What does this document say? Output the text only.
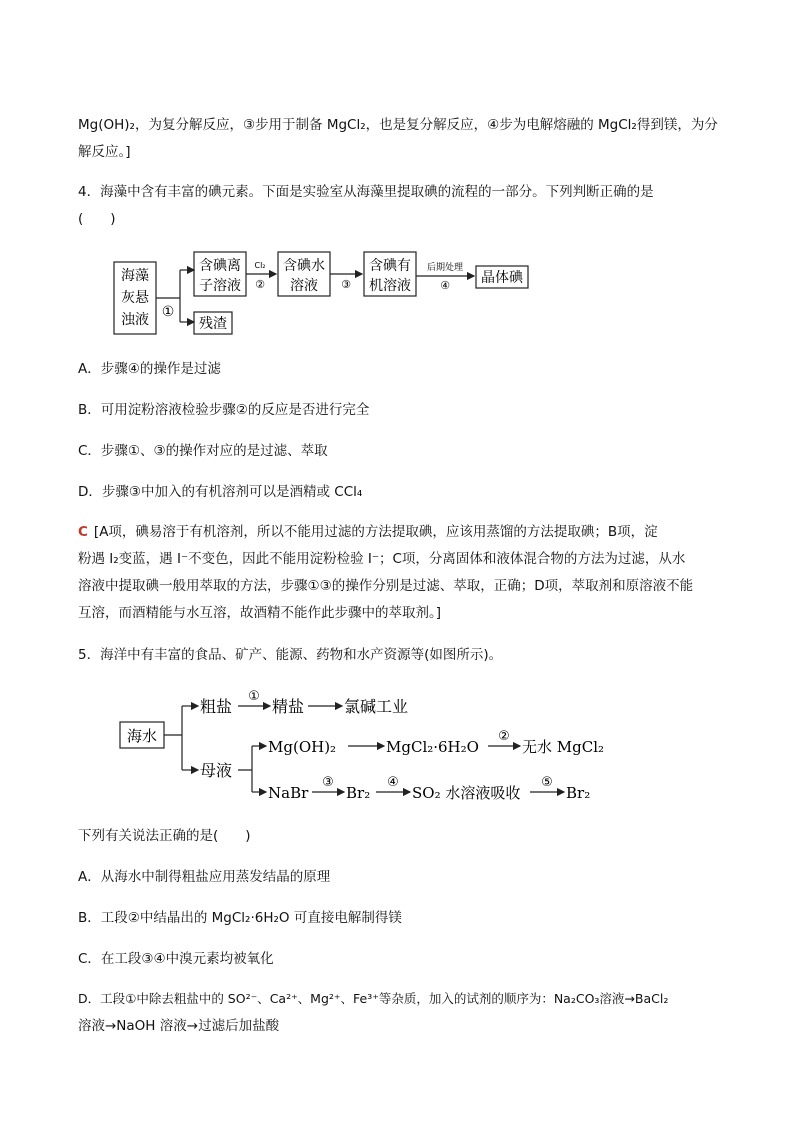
Mg(OH)₂，为复分解反应，③步用于制备 MgCl₂，也是复分解反应，④步为电解熔融的 MgCl₂得到镁，为分
解反应。]
4．海藻中含有丰富的碘元素。下面是实验室从海藻里提取碘的流程的一部分。下列判断正确的是
(　　)
海藻
灰悬
浊液 ①
含碘离
子溶液
残渣
Cl₂
②
含碘水
溶液 ③
含碘有
机溶液
后期处理
④ 晶体碘
A．步骤④的操作是过滤
B．可用淀粉溶液检验步骤②的反应是否进行完全
C．步骤①、③的操作对应的是过滤、萃取
D．步骤③中加入的有机溶剂可以是酒精或 CCl₄
C [A项，碘易溶于有机溶剂，所以不能用过滤的方法提取碘，应该用蒸馏的方法提取碘；B项，淀
粉遇 I₂变蓝，遇 I⁻不变色，因此不能用淀粉检验 I⁻；C项，分离固体和液体混合物的方法为过滤，从水
溶液中提取碘一般用萃取的方法，步骤①③的操作分别是过滤、萃取，正确；D项，萃取剂和原溶液不能
互溶，而酒精能与水互溶，故酒精不能作此步骤中的萃取剂。]
5．海洋中有丰富的食品、矿产、能源、药物和水产资源等(如图所示)。
海水
粗盐
①
精盐 氯碱工业
母液
Mg(OH)₂	MgCl₂·6H₂O
②
无水 MgCl₂
NaBr
③
Br₂
④
SO₂ 水溶液吸收
⑤
Br₂
下列有关说法正确的是(　　)
A．从海水中制得粗盐应用蒸发结晶的原理
B．工段②中结晶出的 MgCl₂·6H₂O 可直接电解制得镁
C．在工段③④中溴元素均被氧化
D．工段①中除去粗盐中的 SO²⁻、Ca²⁺、Mg²⁺、Fe³⁺等杂质，加入的试剂的顺序为：Na₂CO₃溶液→BaCl₂
溶液→NaOH 溶液→过滤后加盐酸
